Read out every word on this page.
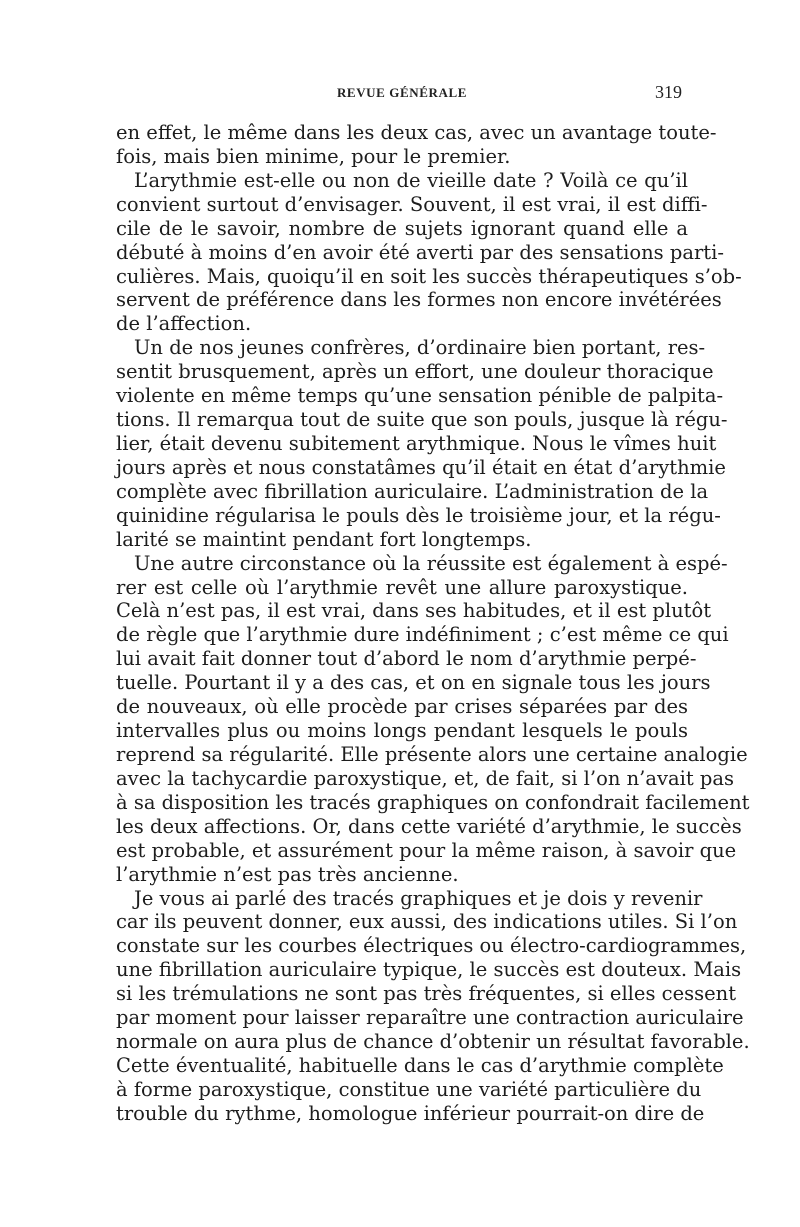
REVUE GÉNÉRALE	319
en effet, le même dans les deux cas, avec un avantage toute-
fois, mais bien minime, pour le premier.
L’arythmie est-elle ou non de vieille date ? Voilà ce qu’il
convient surtout d’envisager. Souvent, il est vrai, il est diffi-
cile de le savoir, nombre de sujets ignorant quand elle a
débuté à moins d’en avoir été averti par des sensations parti-
culières. Mais, quoiqu’il en soit les succès thérapeutiques s’ob-
servent de préférence dans les formes non encore invétérées
de l’affection.
Un de nos jeunes confrères, d’ordinaire bien portant, res-
sentit brusquement, après un effort, une douleur thoracique
violente en même temps qu’une sensation pénible de palpita-
tions. Il remarqua tout de suite que son pouls, jusque là régu-
lier, était devenu subitement arythmique. Nous le vîmes huit
jours après et nous constatâmes qu’il était en état d’arythmie
complète avec fibrillation auriculaire. L’administration de la
quinidine régularisa le pouls dès le troisième jour, et la régu-
larité se maintint pendant fort longtemps.
Une autre circonstance où la réussite est également à espé-
rer est celle où l’arythmie revêt une allure paroxystique.
Celà n’est pas, il est vrai, dans ses habitudes, et il est plutôt
de règle que l’arythmie dure indéfiniment ; c’est même ce qui
lui avait fait donner tout d’abord le nom d’arythmie perpé-
tuelle. Pourtant il y a des cas, et on en signale tous les jours
de nouveaux, où elle procède par crises séparées par des
intervalles plus ou moins longs pendant lesquels le pouls
reprend sa régularité. Elle présente alors une certaine analogie
avec la tachycardie paroxystique, et, de fait, si l’on n’avait pas
à sa disposition les tracés graphiques on confondrait facilement
les deux affections. Or, dans cette variété d’arythmie, le succès
est probable, et assurément pour la même raison, à savoir que
l’arythmie n’est pas très ancienne.
Je vous ai parlé des tracés graphiques et je dois y revenir
car ils peuvent donner, eux aussi, des indications utiles. Si l’on
constate sur les courbes électriques ou électro-cardiogrammes,
une fibrillation auriculaire typique, le succès est douteux. Mais
si les trémulations ne sont pas très fréquentes, si elles cessent
par moment pour laisser reparaître une contraction auriculaire
normale on aura plus de chance d’obtenir un résultat favorable.
Cette éventualité, habituelle dans le cas d’arythmie complète
à forme paroxystique, constitue une variété particulière du
trouble du rythme, homologue inférieur pourrait-on dire de
